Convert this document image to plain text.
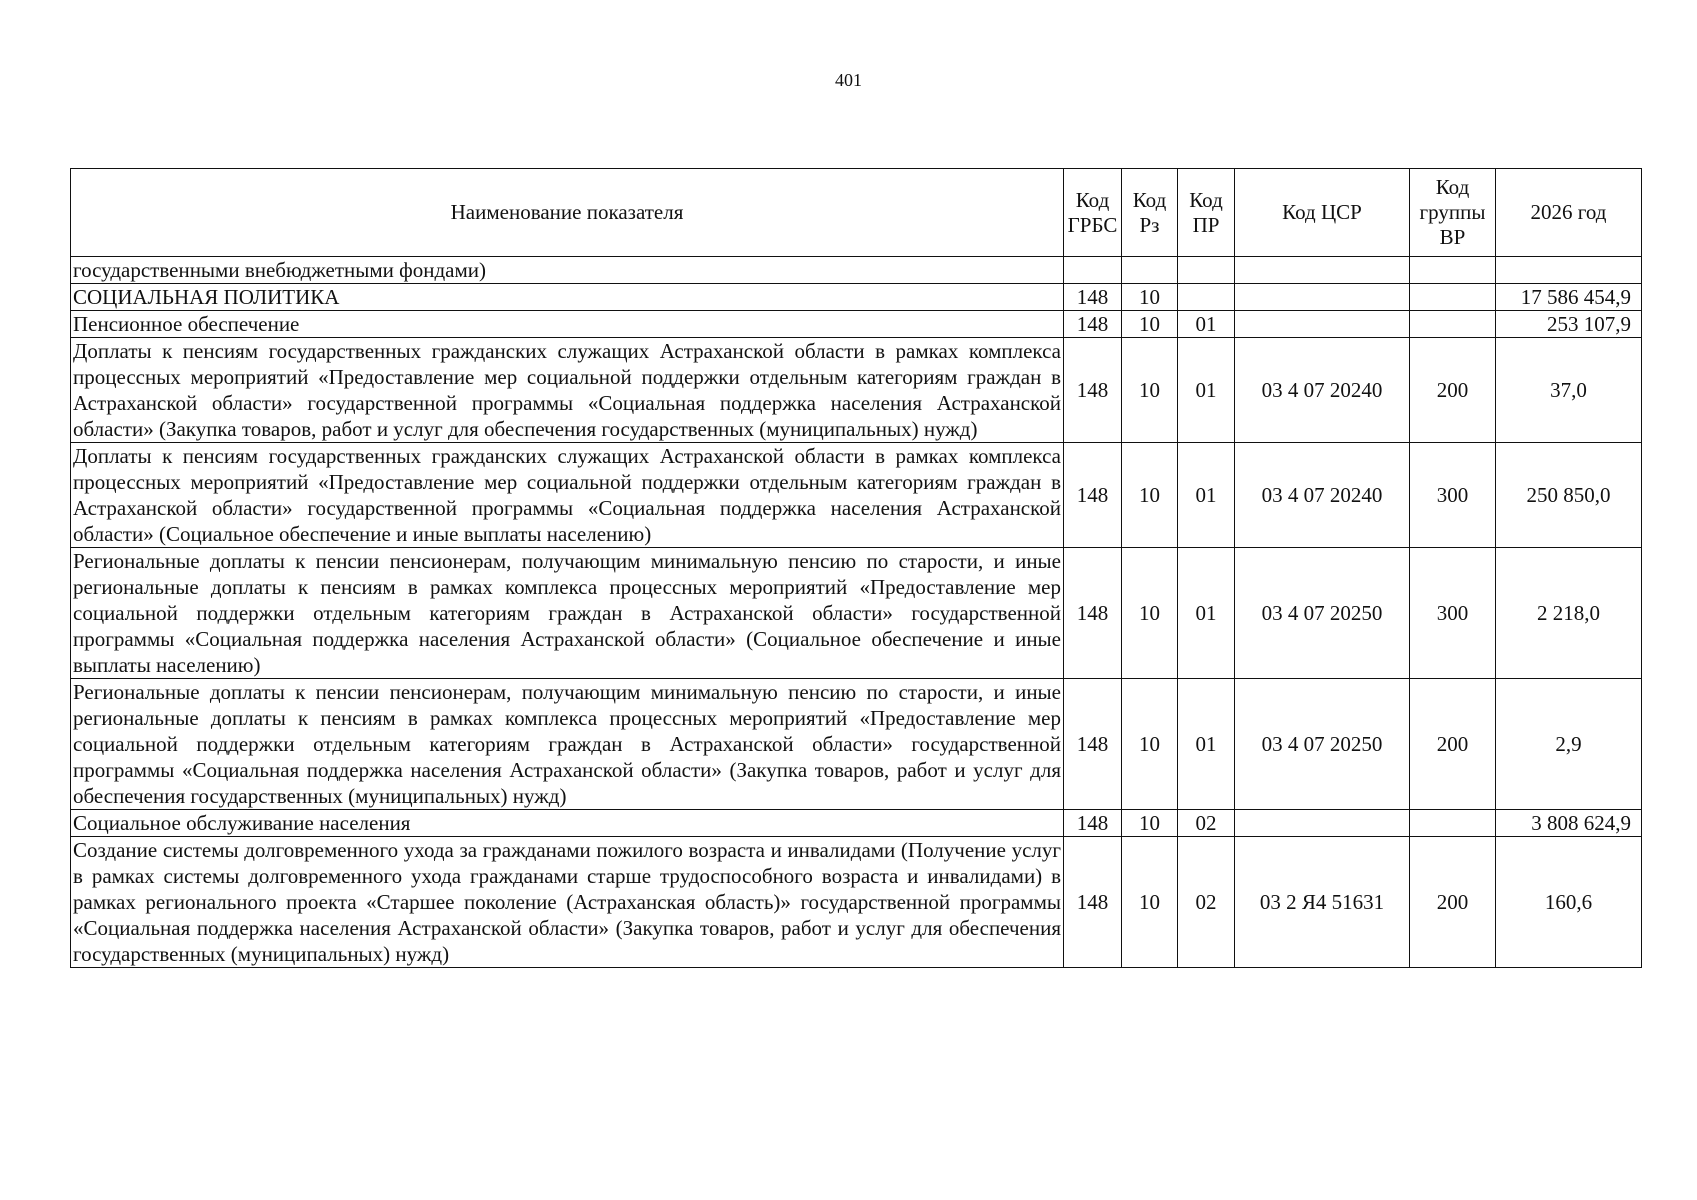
401
Наименование показателя	Код ГРБС	Код Рз	Код ПР	Код ЦСР	Код группы ВР	2026 год
государственными внебюджетными фондами)						
СОЦИАЛЬНАЯ ПОЛИТИКА	148	10				17 586 454,9
Пенсионное обеспечение	148	10	01			253 107,9
Доплаты к пенсиям государственных гражданских служащих Астраханской области в рамках комплекса процессных мероприятий «Предоставление мер социальной поддержки отдельным категориям граждан в Астраханской области» государственной программы «Социальная поддержка населения Астраханской области» (Закупка товаров, работ и услуг для обеспечения государственных (муниципальных) нужд)	148	10	01	03 4 07 20240	200	37,0
Доплаты к пенсиям государственных гражданских служащих Астраханской области в рамках комплекса процессных мероприятий «Предоставление мер социальной поддержки отдельным категориям граждан в Астраханской области» государственной программы «Социальная поддержка населения Астраханской области» (Социальное обеспечение и иные выплаты населению)	148	10	01	03 4 07 20240	300	250 850,0
Региональные доплаты к пенсии пенсионерам, получающим минимальную пенсию по старости, и иные региональные доплаты к пенсиям в рамках комплекса процессных мероприятий «Предоставление мер социальной поддержки отдельным категориям граждан в Астраханской области» государственной программы «Социальная поддержка населения Астраханской области» (Социальное обеспечение и иные выплаты населению)	148	10	01	03 4 07 20250	300	2 218,0
Региональные доплаты к пенсии пенсионерам, получающим минимальную пенсию по старости, и иные региональные доплаты к пенсиям в рамках комплекса процессных мероприятий «Предоставление мер социальной поддержки отдельным категориям граждан в Астраханской области» государственной программы «Социальная поддержка населения Астраханской области» (Закупка товаров, работ и услуг для обеспечения государственных (муниципальных) нужд)	148	10	01	03 4 07 20250	200	2,9
Социальное обслуживание населения	148	10	02			3 808 624,9
Создание системы долговременного ухода за гражданами пожилого возраста и инвалидами (Получение услуг в рамках системы долговременного ухода гражданами старше трудоспособного возраста и инвалидами) в рамках регионального проекта «Старшее поколение (Астраханская область)» государственной программы «Социальная поддержка населения Астраханской области» (Закупка товаров, работ и услуг для обеспечения государственных (муниципальных) нужд)	148	10	02	03 2 Я4 51631	200	160,6
